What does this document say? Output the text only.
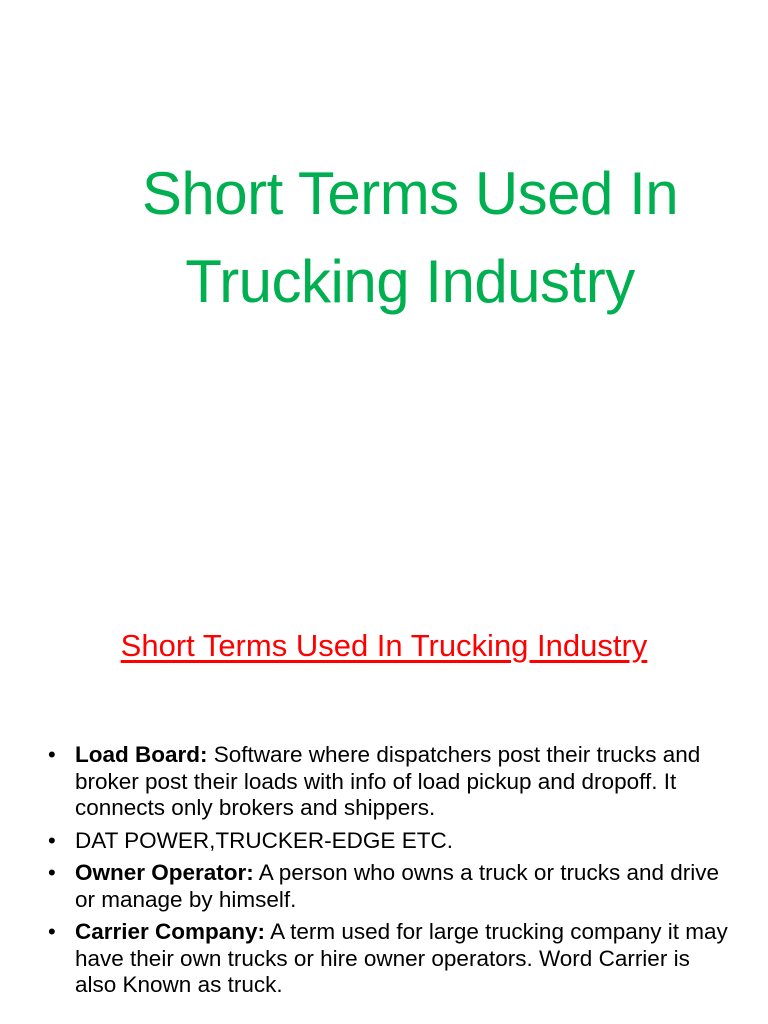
Short Terms Used In
Trucking Industry
Short Terms Used In Trucking Industry
• Load Board: Software where dispatchers post their trucks and broker post their loads with info of load pickup and dropoff. It connects only brokers and shippers.
• DAT POWER,TRUCKER-EDGE ETC.
• Owner Operator: A person who owns a truck or trucks and drive or manage by himself.
• Carrier Company: A term used for large trucking company it may have their own trucks or hire owner operators. Word Carrier is also Known as truck.
